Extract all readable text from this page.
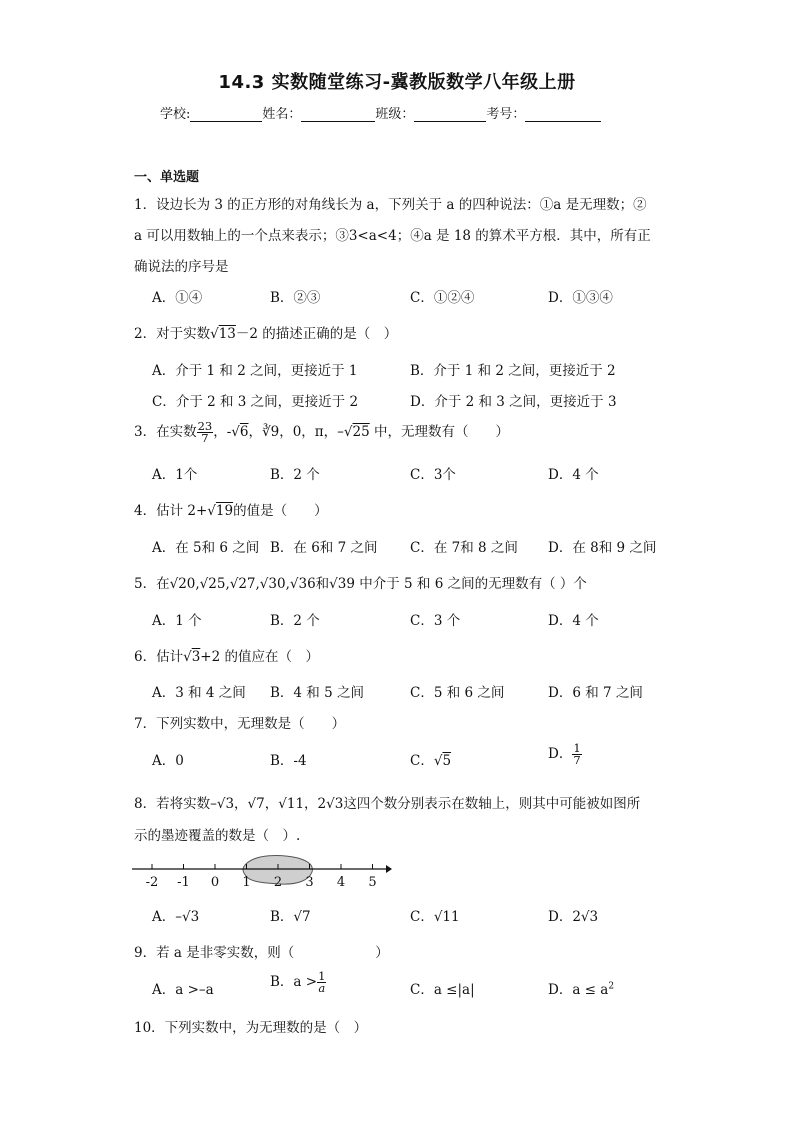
14.3 实数随堂练习-冀教版数学八年级上册
学校:	姓名：	班级：	考号：
一、单选题
1．设边长为 3 的正方形的对角线长为 a，下列关于 a 的四种说法：①a 是无理数；②
a 可以用数轴上的一个点来表示；③3<a<4；④a 是 18 的算术平方根．其中，所有正
确说法的序号是
A．①④	B．②③	C．①②④	D．①③④
2．对于实数√13－2 的描述正确的是（　）
A．介于 1 和 2 之间，更接近于 1	B．介于 1 和 2 之间，更接近于 2
C．介于 2 和 3 之间，更接近于 2	D．介于 2 和 3 之间，更接近于 3
3．在实数 $\frac{23}{7}$ ，-√6，∛9，0，π，–√25 中，无理数有（　　）
A．1个	B．2 个	C．3个	D．4 个
4．估计 2+√19的值是（　　）
A．在 5和 6 之间 B．在 6和 7 之间 C．在 7和 8 之间 D．在 8和 9 之间
5．在√20,√25,√27,√30,√36和√39 中介于 5 和 6 之间的无理数有（ ）个
A．1 个	B．2 个	C．3 个	D．4 个
6．估计√3+2 的值应在（　）
A．3 和 4 之间 B．4 和 5 之间	C．5 和 6 之间	D．6 和 7 之间
7．下列实数中，无理数是（　　）
A．0	B．-4	C．√5	D． $\frac{1}{7}$
8．若将实数–√3，√7，√11，2√3这四个数分别表示在数轴上，则其中可能被如图所
示的墨迹覆盖的数是（　）.
-2 -1 0 1 2 3 4 5
A．–√3	B．√7	C．√11	D．2√3
9．若 a 是非零实数，则（　　　　　　）
A．a >–a	B．$a > \frac{1}{a}$	C．a ≤|a|	D．$a \le a^2$
10．下列实数中，为无理数的是（　）
